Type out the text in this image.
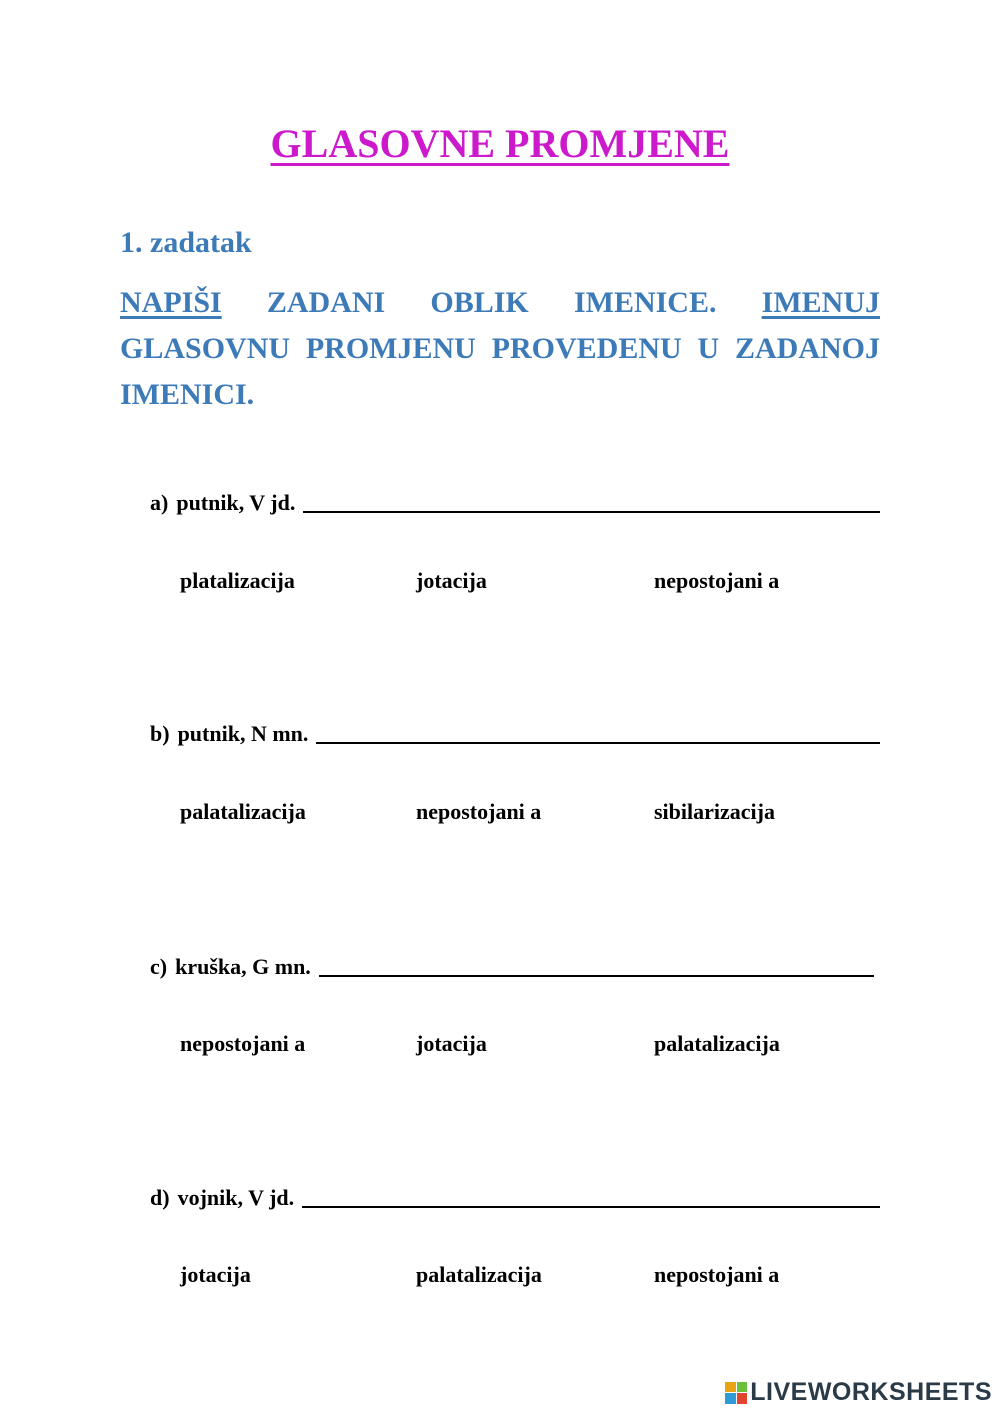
GLASOVNE PROMJENE
1. zadatak
NAPIŠI ZADANI OBLIK IMENICE. IMENUJ GLASOVNU PROMJENU PROVEDENU U ZADANOJ IMENICI.
a) putnik, V jd.
platalizacija	jotacija	nepostojani a
b) putnik, N mn.
palatalizacija	nepostojani a	sibilarizacija
c) kruška, G mn.
nepostojani a	jotacija	palatalizacija
d) vojnik, V jd.
jotacija	palatalizacija	nepostojani a
LIVEWORKSHEETS
